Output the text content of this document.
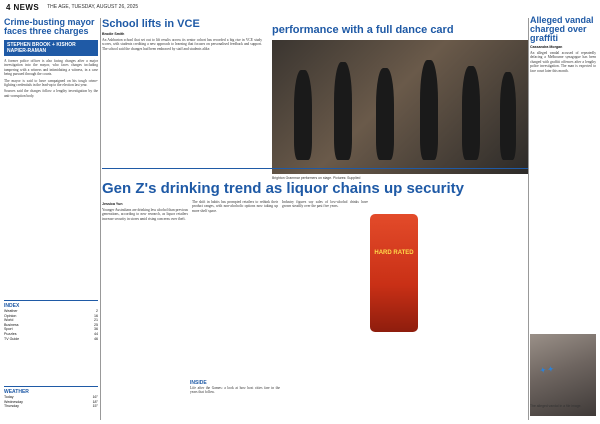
4 NEWS THE AGE, TUESDAY, AUGUST 26, 2025
Crime-busting mayor faces three charges
STEPHEN BROOK + KISHOR NAPIER-RAMAN

A former police officer is also facing charges after a major investigation into the mayor, who faces charges including tampering with a witness and intimidating a witness, in a case being pursued through the courts.

The mayor is said to have campaigned on his tough crime-fighting credentials in the lead-up to the election last year.

Sources said the charges follow a lengthy investigation by the anti-corruption body.

INDEX
Weather	2
Opinion	16
World	21
Business	25
Sport	36
Puzzles	44
TV Guide	46
WEATHER
Today	16°
Wednesday	18°
Thursday	15°
School lifts in VCE
Brodie Smith

An Ashburton school that set out to lift results across its senior cohort has recorded a big rise in VCE study scores, with students crediting a new approach to learning that focuses on personalised feedback and support. The school said the changes had been embraced by staff and students alike.

performance with a full dance card
Brighton Grammar performers on stage. Pictures: Supplied
Gen Z's drinking trend as liquor chains up security
Jessica Yun

Younger Australians are drinking less alcohol than previous generations, according to new research, as liquor retailers increase security in stores amid rising concerns over theft.

The shift in habits has prompted retailers to rethink their product ranges, with non-alcoholic options now taking up more shelf space.

Industry figures say sales of low-alcohol drinks have grown steadily over the past five years.

HARD RATED
INSIDE

Life after the Games: a look at how host cities fare in the years that follow.

Alleged vandal charged over graffiti
Cassandra Morgan

An alleged vandal accused of repeatedly defacing a Melbourne synagogue has been charged with graffiti offences after a lengthy police investigation. The man is expected to face court later this month.

✦ ✦
The alleged vandal in a file image.
